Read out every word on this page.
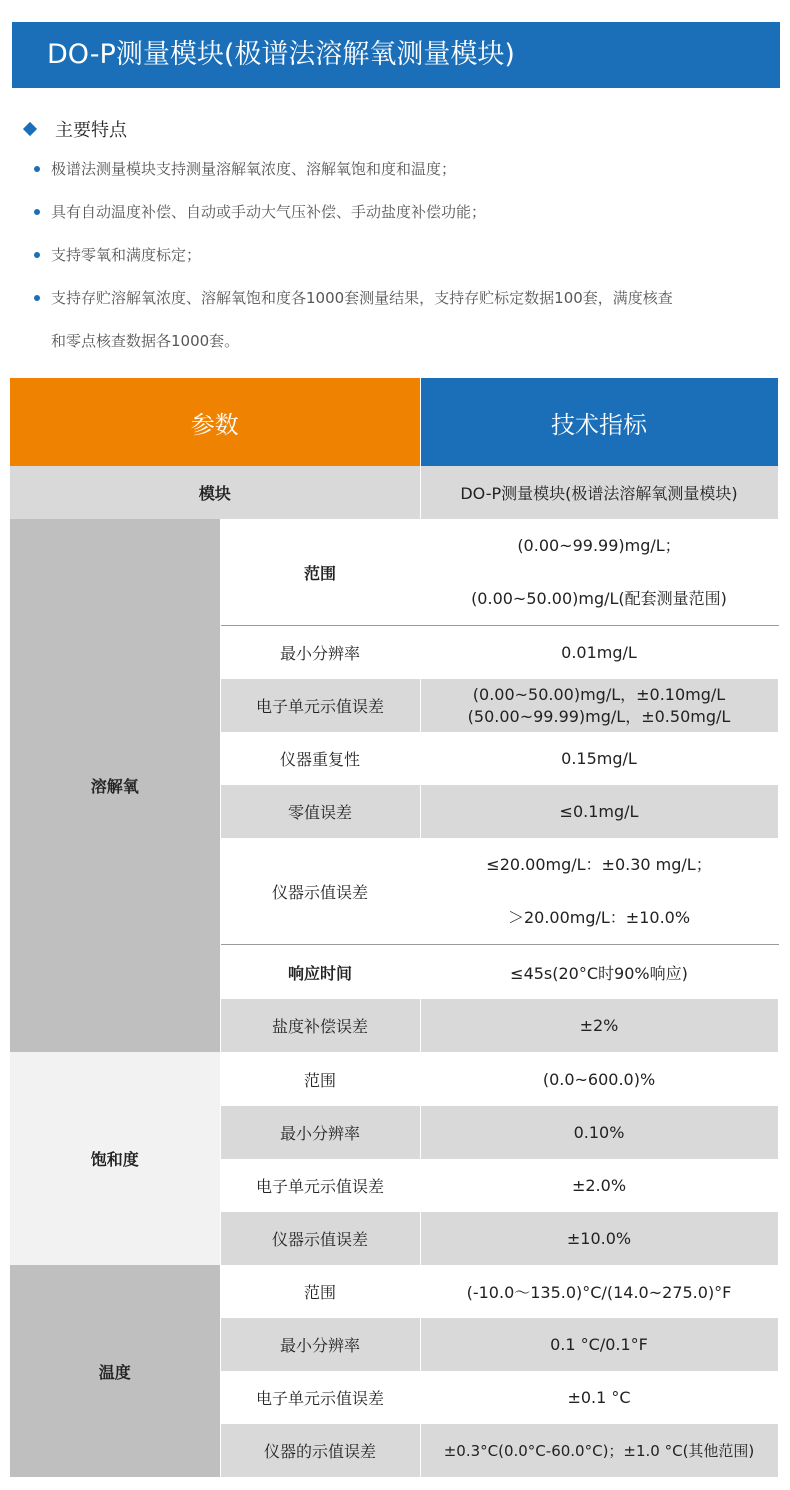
DO-P测量模块(极谱法溶解氧测量模块)
主要特点
极谱法测量模块支持测量溶解氧浓度、溶解氧饱和度和温度；
具有自动温度补偿、自动或手动大气压补偿、手动盐度补偿功能；
支持零氧和满度标定；
支持存贮溶解氧浓度、溶解氧饱和度各1000套测量结果，支持存贮标定数据100套，满度核查
和零点核查数据各1000套。
参数		技术指标
模块		DO-P测量模块(极谱法溶解氧测量模块)
溶解氧	范围	(0.00~99.99)mg/L；
(0.00~50.00)mg/L(配套测量范围)

	最小分辨率	0.01mg/L
	电子单元示值误差	(0.00~50.00)mg/L，±0.10mg/L
(50.00~99.99)mg/L，±0.50mg/L

	仪器重复性	0.15mg/L
	零值误差	≤0.1mg/L
	仪器示值误差	≤20.00mg/L：±0.30 mg/L；
＞20.00mg/L：±10.0%

	响应时间	≤45s(20°C时90%响应)
	盐度补偿误差	±2%
饱和度	范围	(0.0~600.0)%
	最小分辨率	0.10%
	电子单元示值误差	±2.0%
	仪器示值误差	±10.0%
温度	范围	(-10.0～135.0)°C/(14.0~275.0)°F
	最小分辨率	0.1 °C/0.1°F
	电子单元示值误差	±0.1 °C
	仪器的示值误差	±0.3°C(0.0°C-60.0°C)；±1.0 °C(其他范围)
